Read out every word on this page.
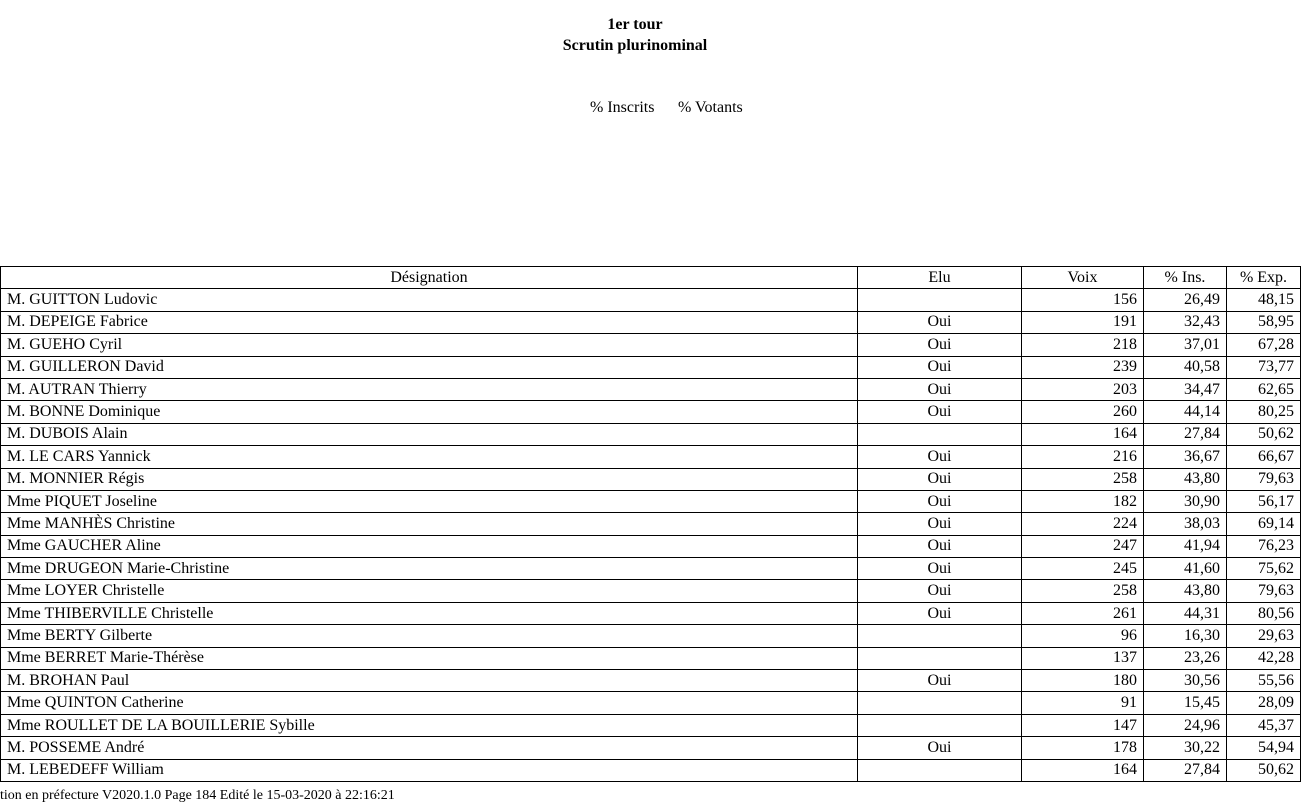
1er tour
Scrutin plurinominal
% Inscrits % Votants
Désignation	Elu	Voix	% Ins.	% Exp.
M. GUITTON Ludovic		156	26,49	48,15
M. DEPEIGE Fabrice	Oui	191	32,43	58,95
M. GUEHO Cyril	Oui	218	37,01	67,28
M. GUILLERON David	Oui	239	40,58	73,77
M. AUTRAN Thierry	Oui	203	34,47	62,65
M. BONNE Dominique	Oui	260	44,14	80,25
M. DUBOIS Alain		164	27,84	50,62
M. LE CARS Yannick	Oui	216	36,67	66,67
M. MONNIER Régis	Oui	258	43,80	79,63
Mme PIQUET Joseline	Oui	182	30,90	56,17
Mme MANHÈS Christine	Oui	224	38,03	69,14
Mme GAUCHER Aline	Oui	247	41,94	76,23
Mme DRUGEON Marie-Christine	Oui	245	41,60	75,62
Mme LOYER Christelle	Oui	258	43,80	79,63
Mme THIBERVILLE Christelle	Oui	261	44,31	80,56
Mme BERTY Gilberte		96	16,30	29,63
Mme BERRET Marie-Thérèse		137	23,26	42,28
M. BROHAN Paul	Oui	180	30,56	55,56
Mme QUINTON Catherine		91	15,45	28,09
Mme ROULLET DE LA BOUILLERIE Sybille		147	24,96	45,37
M. POSSEME André	Oui	178	30,22	54,94
M. LEBEDEFF William		164	27,84	50,62
tion en préfecture V2020.1.0 Page 184 Edité le 15-03-2020 à 22:16:21
